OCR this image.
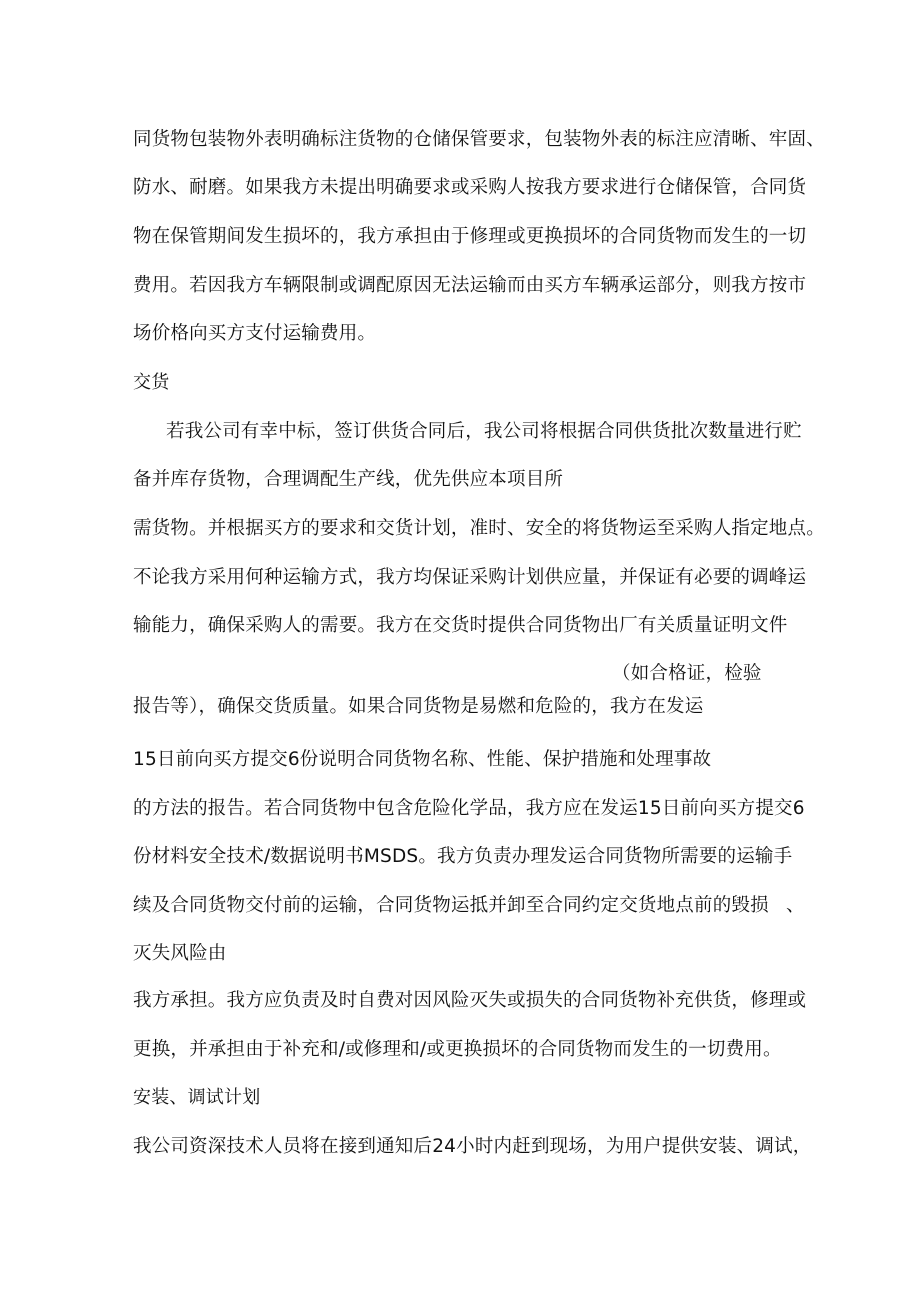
同货物包装物外表明确标注货物的仓储保管要求，包装物外表的标注应清晰、牢固、
防水、耐磨。如果我方未提出明确要求或采购人按我方要求进行仓储保管，合同货
物在保管期间发生损坏的，我方承担由于修理或更换损坏的合同货物而发生的一切
费用。若因我方车辆限制或调配原因无法运输而由买方车辆承运部分，则我方按市
场价格向买方支付运输费用。
交货
若我公司有幸中标，签订供货合同后，我公司将根据合同供货批次数量进行贮
备并库存货物，合理调配生产线，优先供应本项目所
需货物。并根据买方的要求和交货计划，准时、安全的将货物运至采购人指定地点。
不论我方采用何种运输方式，我方均保证采购计划供应量，并保证有必要的调峰运
输能力，确保采购人的需要。我方在交货时提供合同货物出厂有关质量证明文件
（如合格证，检验
报告等），确保交货质量。如果合同货物是易燃和危险的，我方在发运
15日前向买方提交6份说明合同货物名称、性能、保护措施和处理事故
的方法的报告。若合同货物中包含危险化学品，我方应在发运15日前向买方提交6
份材料安全技术/数据说明书MSDS。我方负责办理发运合同货物所需要的运输手
续及合同货物交付前的运输，合同货物运抵并卸至合同约定交货地点前的毁损 、
灭失风险由
我方承担。我方应负责及时自费对因风险灭失或损失的合同货物补充供货，修理或
更换，并承担由于补充和/或修理和/或更换损坏的合同货物而发生的一切费用。
安装、调试计划
我公司资深技术人员将在接到通知后24小时内赶到现场，为用户提供安装、调试，
